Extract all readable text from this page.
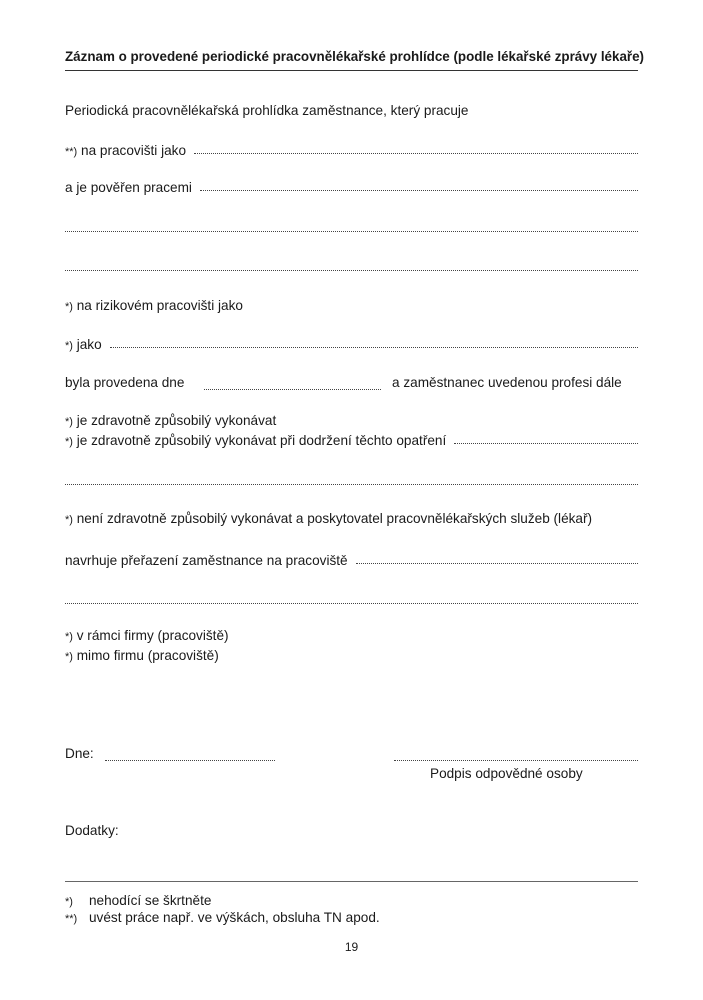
Záznam o provedené periodické pracovnělékařské prohlídce (podle lékařské zprávy lékaře)
Periodická pracovnělékařská prohlídka zaměstnance, který pracuje
**) na pracovišti jako
a je pověřen pracemi
*) na rizikovém pracovišti jako
*) jako
byla provedena dne	a zaměstnanec uvedenou profesi dále
*) je zdravotně způsobilý vykonávat
*) je zdravotně způsobilý vykonávat při dodržení těchto opatření
*) není zdravotně způsobilý vykonávat a poskytovatel pracovnělékařských služeb (lékař)
navrhuje přeřazení zaměstnance na pracoviště
*) v rámci firmy (pracoviště)
*) mimo firmu (pracoviště)
Dne:
Podpis odpovědné osoby
Dodatky:
*) nehodící se škrtněte
**) uvést práce např. ve výškách, obsluha TN apod.
19
